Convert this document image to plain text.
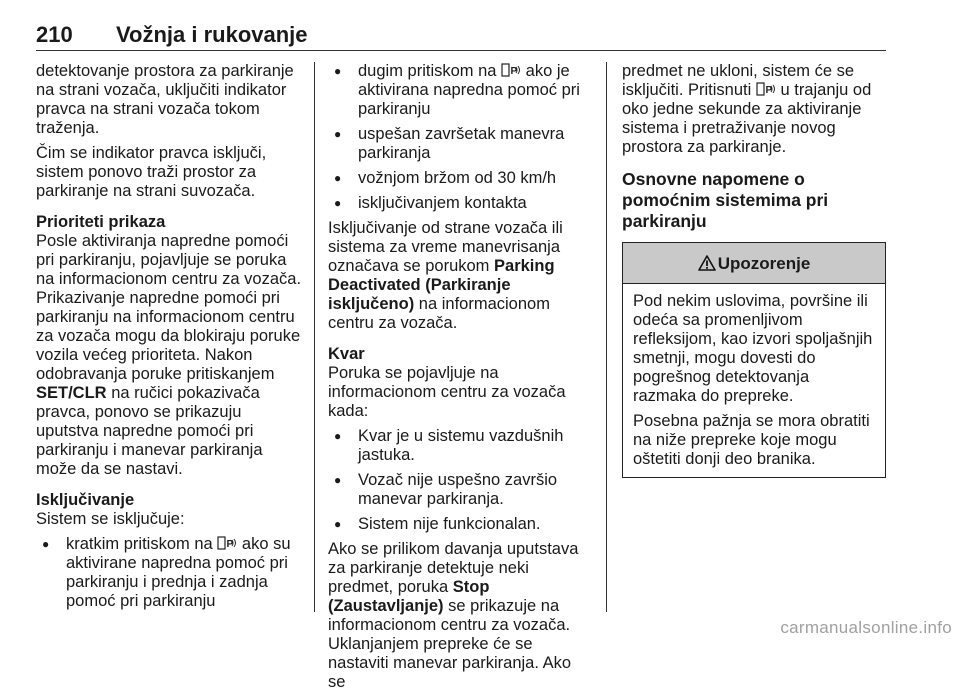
210 Vožnja i rukovanje

detektovanje prostora za parkiranje na strani vozača, uključiti indikator pravca na strani vozača tokom traženja.

Čim se indikator pravca isključi, sistem ponovo traži prostor za parkiranje na strani suvozača.

Prioriteti prikaza

Posle aktiviranja napredne pomoći pri parkiranju, pojavljuje se poruka na informacionom centru za vozača. Prikazivanje napredne pomoći pri parkiranju na informacionom centru za vozača mogu da blokiraju poruke vozila većeg prioriteta. Nakon odobravanja poruke pritiskanjem SET/CLR na ručici pokazivača pravca, ponovo se prikazuju uputstva napredne pomoći pri parkiranju i manevar parkiranja može da se nastavi.

Isključivanje

Sistem se isključuje:

● kratkim pritiskom na P ako su aktivirane napredna pomoć pri parkiranju i prednja i zadnja pomoć pri parkiranju
● dugim pritiskom na P ako je aktivirana napredna pomoć pri parkiranju
● uspešan završetak manevra parkiranja
● vožnjom bržom od 30 km/h
● isključivanjem kontakta

Isključivanje od strane vozača ili sistema za vreme manevrisanja označava se porukom Parking Deactivated (Parkiranje isključeno) na informacionom centru za vozača.

Kvar

Poruka se pojavljuje na informacionom centru za vozača kada:

● Kvar je u sistemu vazdušnih jastuka.
● Vozač nije uspešno završio manevar parkiranja.
● Sistem nije funkcionalan.

Ako se prilikom davanja uputstava za parkiranje detektuje neki predmet, poruka Stop (Zaustavljanje) se prikazuje na informacionom centru za vozača. Uklanjanjem prepreke će se nastaviti manevar parkiranja. Ako se

predmet ne ukloni, sistem će se isključiti. Pritisnuti P u trajanju od oko jedne sekunde za aktiviranje sistema i pretraživanje novog prostora za parkiranje.

Osnovne napomene o pomoćnim sistemima pri parkiranju
Upozorenje

Pod nekim uslovima, površine ili odeća sa promenljivom refleksijom, kao izvori spoljašnjih smetnji, mogu dovesti do pogrešnog detektovanja razmaka do prepreke.

Posebna pažnja se mora obratiti na niže prepreke koje mogu oštetiti donji deo branika.

carmanualsonline.info
